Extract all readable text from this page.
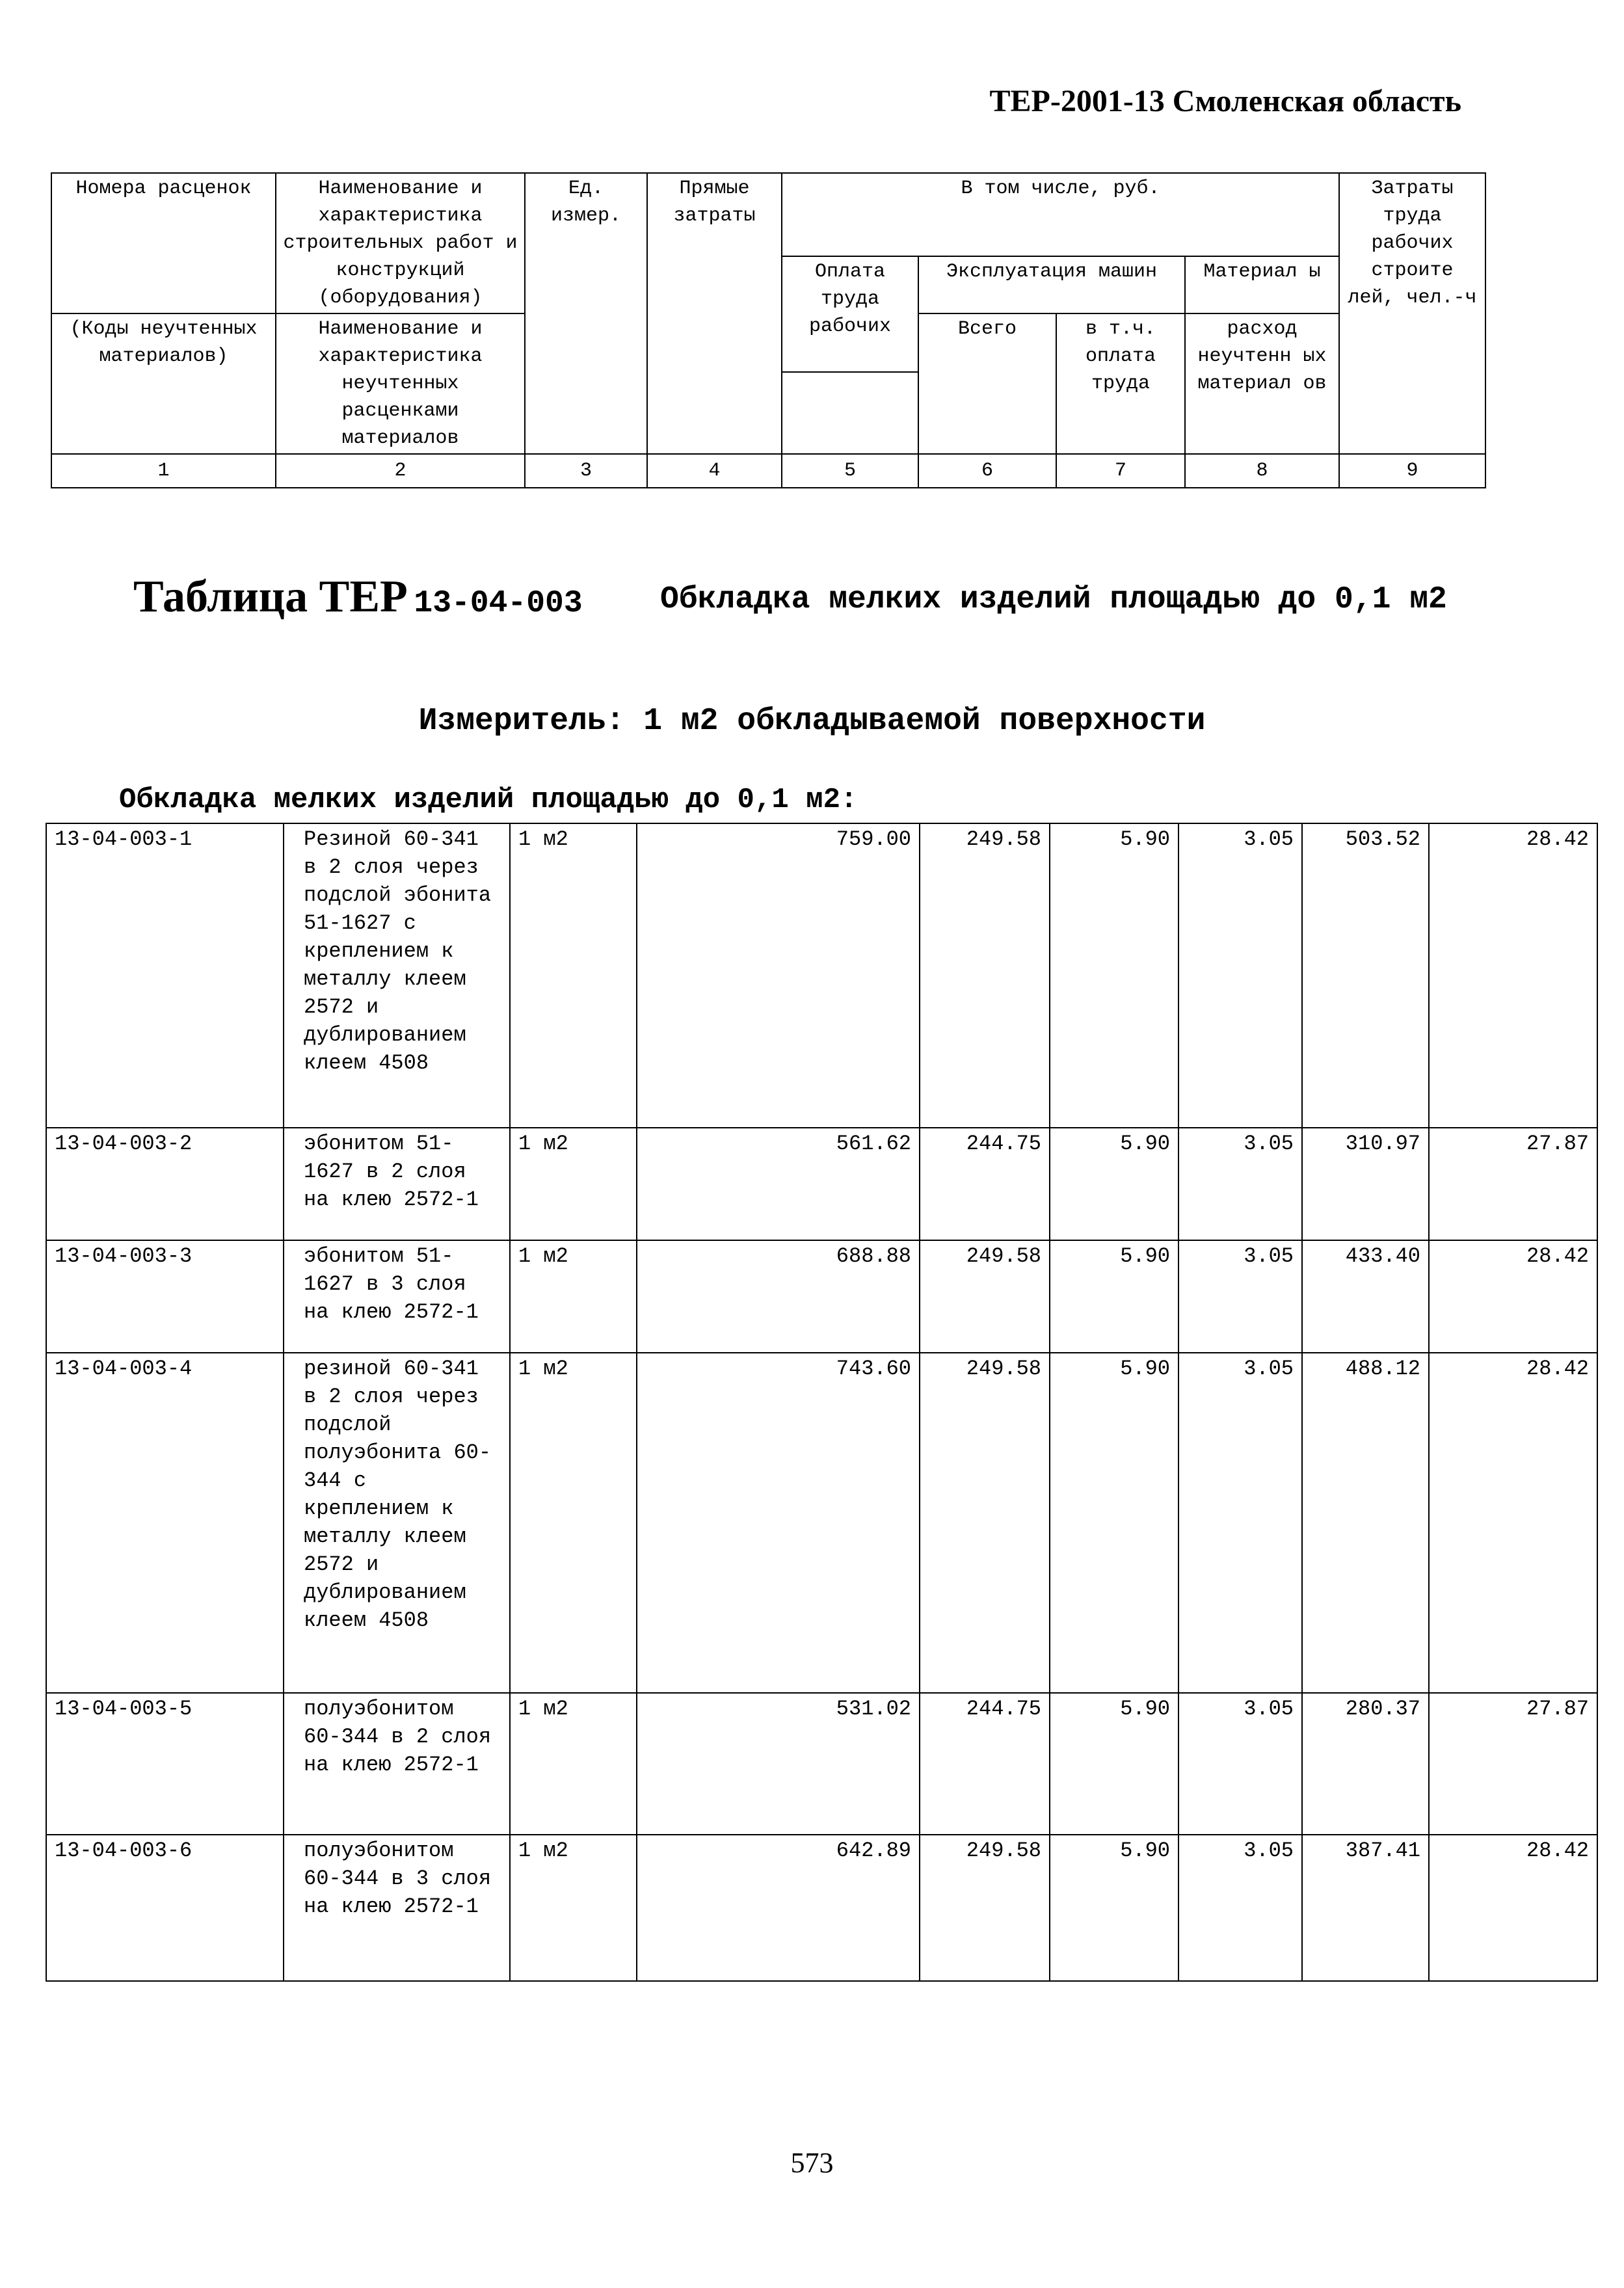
ТЕР-2001-13 Смоленская область
Номера расценок	Наименование и характеристика строительных работ и конструкций (оборудования)	Ед. измер.	Прямые затраты	В том числе, руб.				Затраты труда рабочих строите лей, чел.-ч
				Оплата труда рабочих	Эксплуатация машин		Материал ы	
(Коды неучтенных материалов)	Наименование и характеристика неучтенных расценками материалов				Всего	в т.ч. оплата труда	расход неучтенн ых материал ов	

1	2	3	4	5	6	7	8	9
Таблица ТЕР 13-04-003 Обкладка мелких изделий площадью до 0,1 м2
Измеритель: 1 м2 обкладываемой поверхности
Обкладка мелких изделий площадью до 0,1 м2:
13-04-003-1	Резиной 60-341 в 2 слоя через подслой эбонита 51-1627 с креплением к металлу клеем 2572 и дублированием клеем 4508	1 м2	759.00	249.58	5.90	3.05	503.52	28.42
13-04-003-2	эбонитом 51-1627 в 2 слоя на клею 2572-1	1 м2	561.62	244.75	5.90	3.05	310.97	27.87
13-04-003-3	эбонитом 51-1627 в 3 слоя на клею 2572-1	1 м2	688.88	249.58	5.90	3.05	433.40	28.42
13-04-003-4	резиной 60-341 в 2 слоя через подслой полуэбонита 60-344 с креплением к металлу клеем 2572 и дублированием клеем 4508	1 м2	743.60	249.58	5.90	3.05	488.12	28.42
13-04-003-5	полуэбонитом 60-344 в 2 слоя на клею 2572-1	1 м2	531.02	244.75	5.90	3.05	280.37	27.87
13-04-003-6	полуэбонитом 60-344 в 3 слоя на клею 2572-1	1 м2	642.89	249.58	5.90	3.05	387.41	28.42
573
